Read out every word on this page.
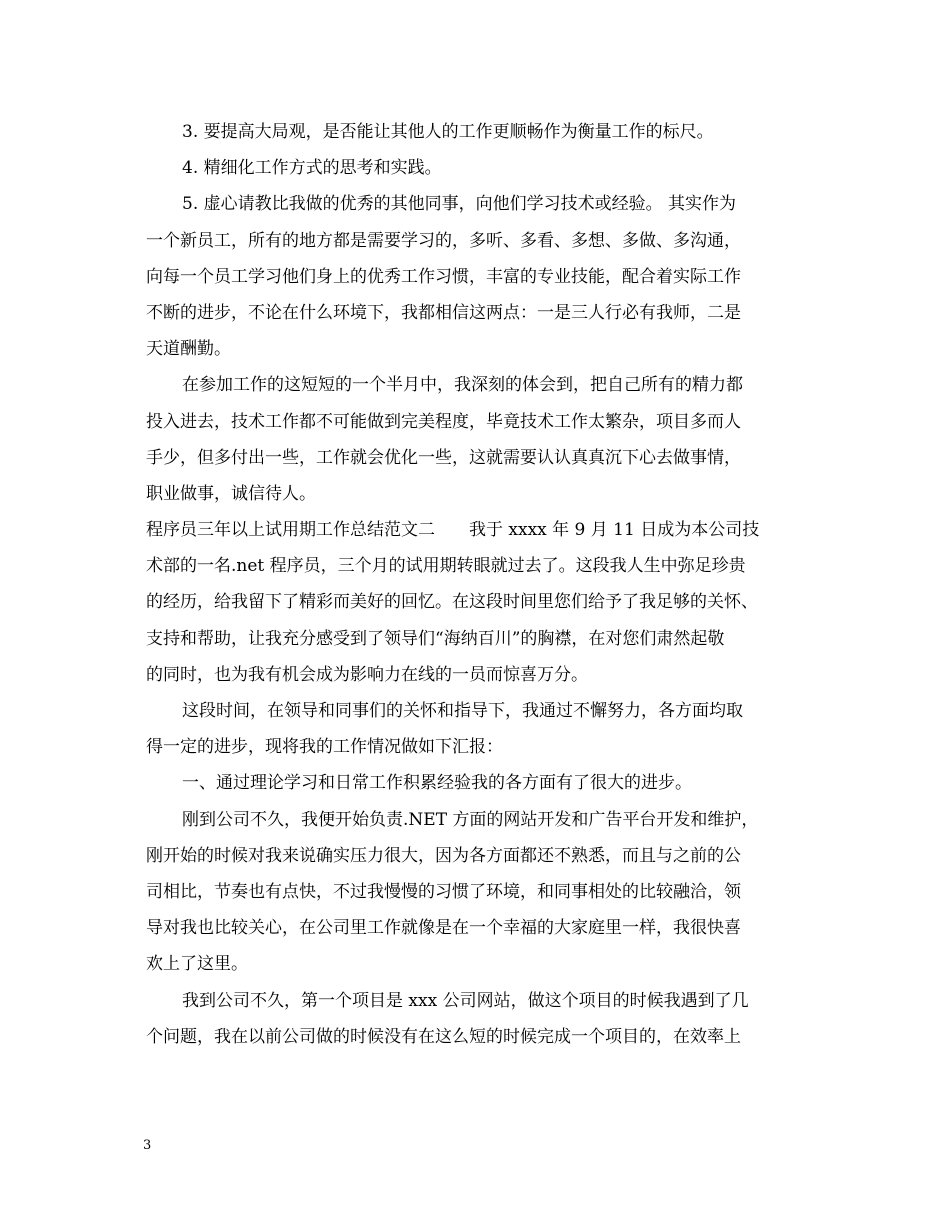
3. 要提高大局观，是否能让其他人的工作更顺畅作为衡量工作的标尺。
4. 精细化工作方式的思考和实践。
5. 虚心请教比我做的优秀的其他同事，向他们学习技术或经验。 其实作为
一个新员工，所有的地方都是需要学习的，多听、多看、多想、多做、多沟通，
向每一个员工学习他们身上的优秀工作习惯，丰富的专业技能，配合着实际工作
不断的进步，不论在什么环境下，我都相信这两点：一是三人行必有我师，二是
天道酬勤。
在参加工作的这短短的一个半月中，我深刻的体会到，把自己所有的精力都
投入进去，技术工作都不可能做到完美程度，毕竟技术工作太繁杂，项目多而人
手少，但多付出一些，工作就会优化一些，这就需要认认真真沉下心去做事情，
职业做事，诚信待人。
程序员三年以上试用期工作总结范文二　　我于 xxxx 年 9 月 11 日成为本公司技
术部的一名.net 程序员，三个月的试用期转眼就过去了。这段我人生中弥足珍贵
的经历，给我留下了精彩而美好的回忆。在这段时间里您们给予了我足够的关怀、
支持和帮助，让我充分感受到了领导们“海纳百川”的胸襟，在对您们肃然起敬
的同时，也为我有机会成为影响力在线的一员而惊喜万分。
这段时间，在领导和同事们的关怀和指导下，我通过不懈努力，各方面均取
得一定的进步，现将我的工作情况做如下汇报：
一、通过理论学习和日常工作积累经验我的各方面有了很大的进步。
刚到公司不久，我便开始负责.NET 方面的网站开发和广告平台开发和维护，
刚开始的时候对我来说确实压力很大，因为各方面都还不熟悉，而且与之前的公
司相比，节奏也有点快，不过我慢慢的习惯了环境，和同事相处的比较融洽，领
导对我也比较关心，在公司里工作就像是在一个幸福的大家庭里一样，我很快喜
欢上了这里。
我到公司不久，第一个项目是 xxx 公司网站，做这个项目的时候我遇到了几
个问题，我在以前公司做的时候没有在这么短的时候完成一个项目的，在效率上
3
